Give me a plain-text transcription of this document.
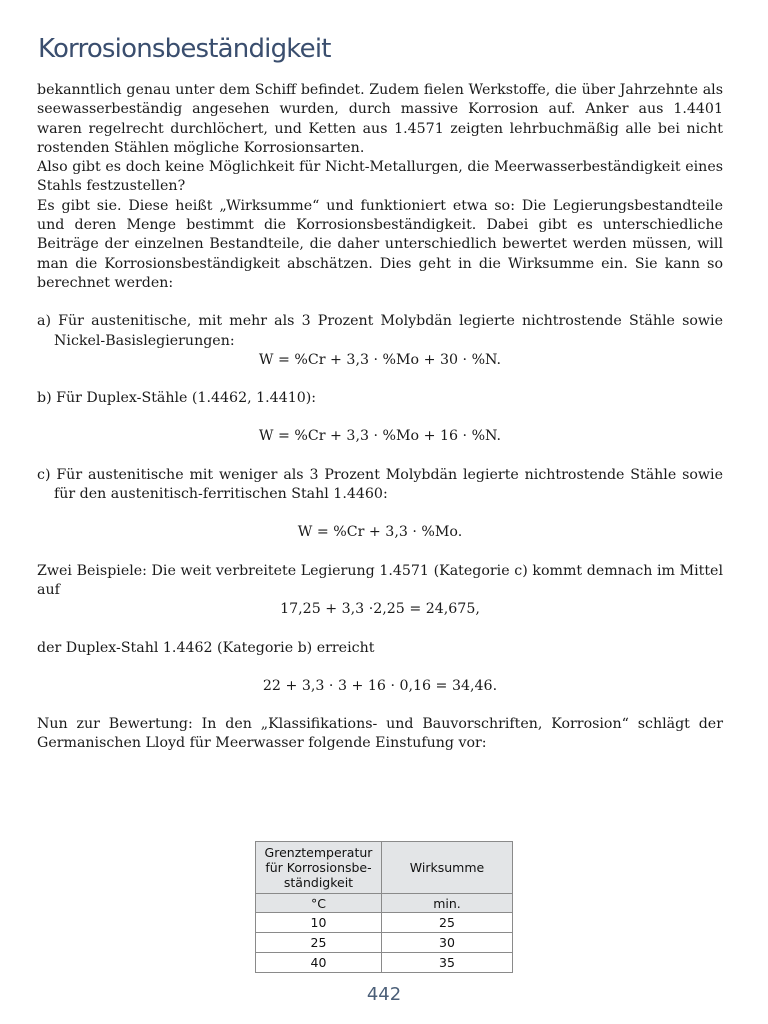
Korrosionsbeständigkeit

bekanntlich genau unter dem Schiff befindet. Zudem fielen Werkstoffe, die über Jahrzehnte als seewasserbeständig angesehen wurden, durch massive Korrosion auf. Anker aus 1.4401 waren regelrecht durchlöchert, und Ketten aus 1.4571 zeigten lehrbuchmäßig alle bei nicht rostenden Stählen mögliche Korrosionsarten.

Also gibt es doch keine Möglichkeit für Nicht-Metallurgen, die Meerwasserbeständigkeit eines Stahls festzustellen?

Es gibt sie. Diese heißt „Wirksumme“ und funktioniert etwa so: Die Legierungsbestandteile und deren Menge bestimmt die Korrosionsbeständigkeit. Dabei gibt es unterschiedliche Beiträge der einzelnen Bestandteile, die daher unterschiedlich bewertet werden müssen, will man die Korrosionsbeständigkeit abschätzen. Dies geht in die Wirksumme ein. Sie kann so berechnet werden:

a) Für austenitische, mit mehr als 3 Prozent Molybdän legierte nichtrostende Stähle sowie Nickel-Basislegierungen:

W = %Cr + 3,3 · %Mo + 30 · %N.

b) Für Duplex-Stähle (1.4462, 1.4410):

W = %Cr + 3,3 · %Mo + 16 · %N.

c) Für austenitische mit weniger als 3 Prozent Molybdän legierte nichtrostende Stähle sowie für den austenitisch-ferritischen Stahl 1.4460:

W = %Cr + 3,3 · %Mo.

Zwei Beispiele: Die weit verbreitete Legierung 1.4571 (Kategorie c) kommt demnach im Mittel auf

17,25 + 3,3 ·2,25 = 24,675,

der Duplex-Stahl 1.4462 (Kategorie b) erreicht

22 + 3,3 · 3 + 16 · 0,16 = 34,46.

Nun zur Bewertung: In den „Klassifikations- und Bauvorschriften, Korrosion“ schlägt der Germanischen Lloyd für Meerwasser folgende Einstufung vor:

Grenztemperatur für Korrosionsbe-ständigkeit	Wirksumme
°C	min.
10	25
25	30
40	35
442
